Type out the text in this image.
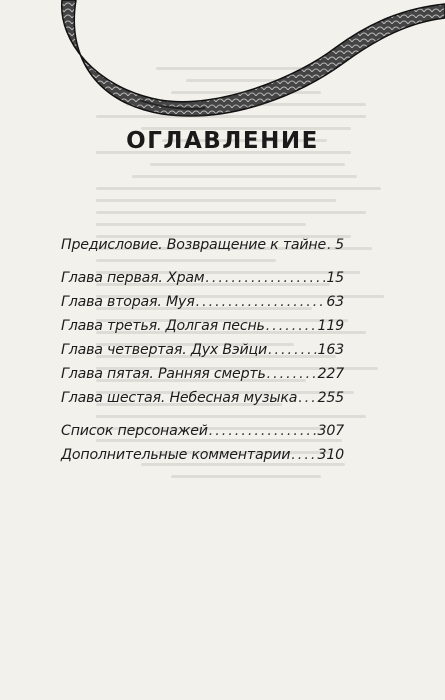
ОГЛАВЛЕНИЕ
Предисловие. Возвращение к тайне ..... 5
Глава первая. Храм .....	15
Глава вторая. Муя .....	63
Глава третья. Долгая песнь .....	119
Глава четвертая. Дух Вэйци .....	163
Глава пятая. Ранняя смерть .....	227
Глава шестая. Небесная музыка ..... 255
Список персонажей .....	307
Дополнительные комментарии ..... 310
